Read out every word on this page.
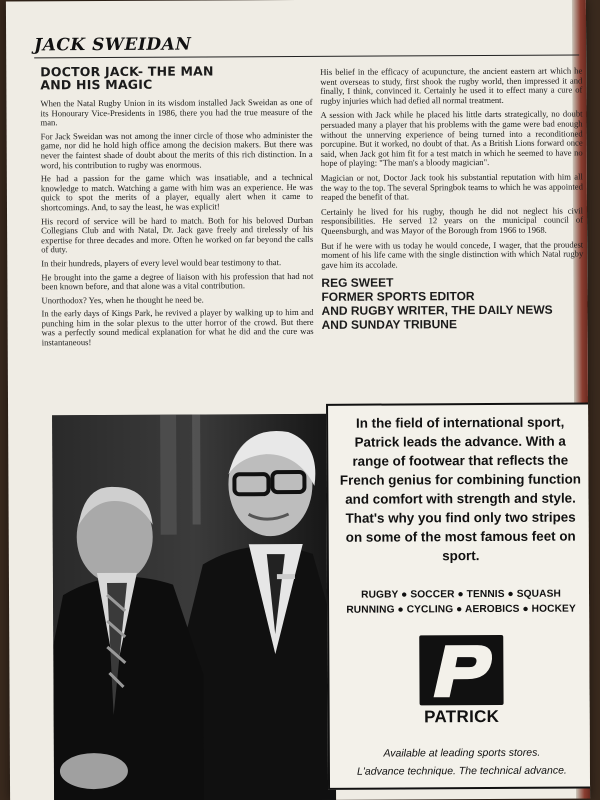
JACK SWEIDAN
DOCTOR JACK- THE MAN
AND HIS MAGIC

When the Natal Rugby Union in its wisdom installed Jack Sweidan as one of its Honourary Vice-Presidents in 1986, there you had the true measure of the man.

For Jack Sweidan was not among the inner circle of those who administer the game, nor did he hold high office among the decision makers. But there was never the faintest shade of doubt about the merits of this rich distinction. In a word, his contribution to rugby was enormous.

He had a passion for the game which was insatiable, and a technical knowledge to match. Watching a game with him was an experience. He was quick to spot the merits of a player, equally alert when it came to shortcomings. And, to say the least, he was explicit!

His record of service will be hard to match. Both for his beloved Durban Collegians Club and with Natal, Dr. Jack gave freely and tirelessly of his expertise for three decades and more. Often he worked on far beyond the calls of duty.

In their hundreds, players of every level would bear testimony to that.

He brought into the game a degree of liaison with his profession that had not been known before, and that alone was a vital contribution.

Unorthodox? Yes, when he thought he need be.

In the early days of Kings Park, he revived a player by walking up to him and punching him in the solar plexus to the utter horror of the crowd. But there was a perfectly sound medical explanation for what he did and the cure was instantaneous!

His belief in the efficacy of acupuncture, the ancient eastern art which he went overseas to study, first shook the rugby world, then impressed it and finally, I think, convinced it. Certainly he used it to effect many a cure of rugby injuries which had defied all normal treatment.

A session with Jack while he placed his little darts strategically, no doubt persuaded many a player that his problems with the game were bad enough without the unnerving experience of being turned into a reconditioned porcupine. But it worked, no doubt of that. As a British Lions forward once said, when Jack got him fit for a test match in which he seemed to have no hope of playing: "The man's a bloody magician".

Magician or not, Doctor Jack took his substantial reputation with him all the way to the top. The several Springbok teams to which he was appointed reaped the benefit of that.

Certainly he lived for his rugby, though he did not neglect his civil responsibilities. He served 12 years on the municipal council of Queensburgh, and was Mayor of the Borough from 1966 to 1968.

But if he were with us today he would concede, I wager, that the proudest moment of his life came with the single distinction with which Natal rugby gave him its accolade.

REG SWEET
FORMER SPORTS EDITOR
AND RUGBY WRITER, THE DAILY NEWS
AND SUNDAY TRIBUNE
In the field of international sport, Patrick leads the advance. With a range of footwear that reflects the French genius for combining function and comfort with strength and style. That's why you find only two stripes on some of the most famous feet on sport.
RUGBY ● SOCCER ● TENNIS ● SQUASH
RUNNING ● CYCLING ● AEROBICS ● HOCKEY
PATRICK
Available at leading sports stores.
L'advance technique. The technical advance.
